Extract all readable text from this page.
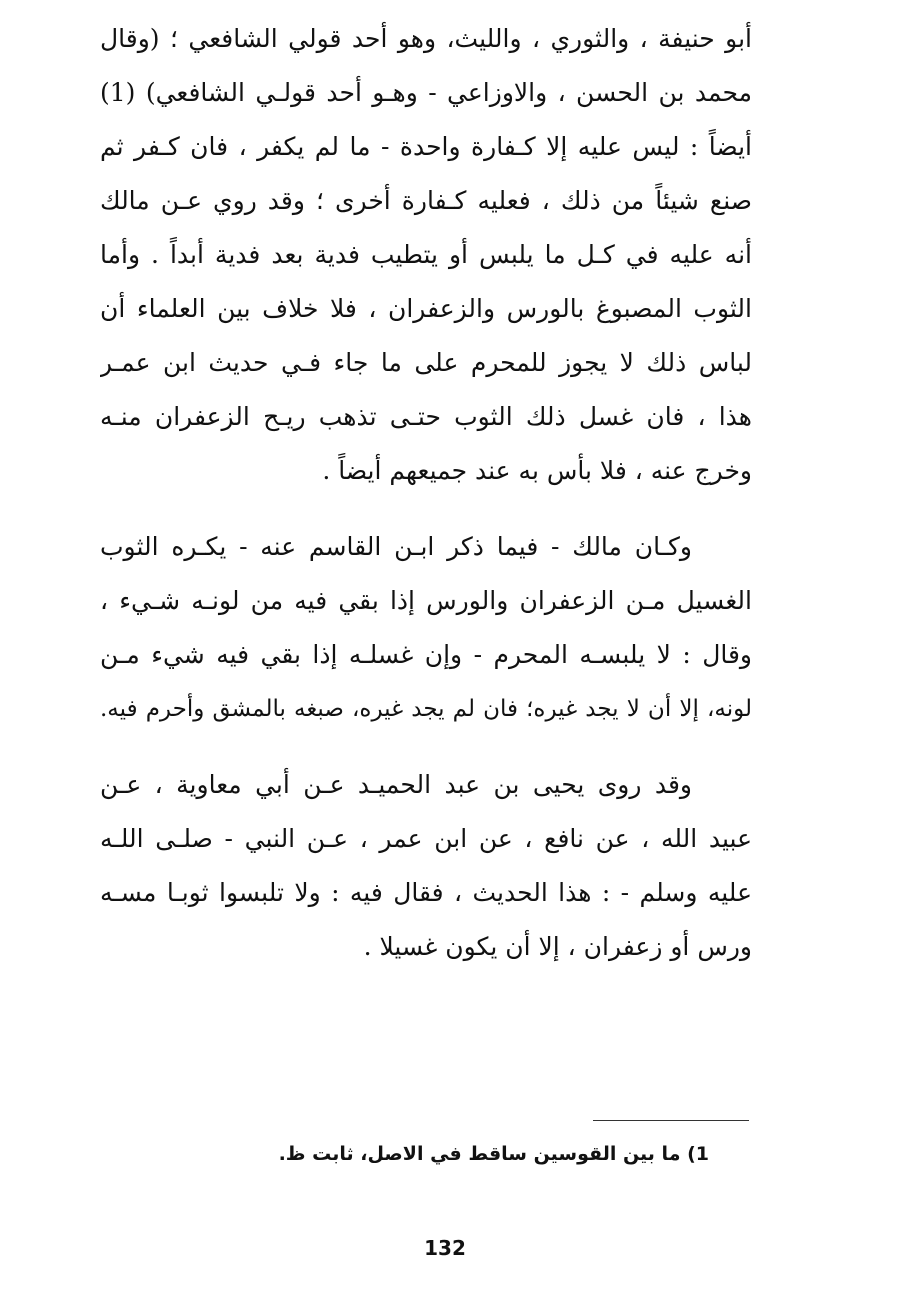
أبو حنيفة ، والثوري ، والليث، وهو أحد قولي الشافعي ؛ (وقال
محمد بن الحسن ، والاوزاعي - وهـو أحد قولـي الشافعي) (1)
أيضاً : ليس عليه إلا كـفارة واحدة - ما لم يكفر ، فان كـفر ثم
صنع شيئاً من ذلك ، فعليه كـفارة أخرى ؛ وقد روي عـن مالك
أنه عليه في كـل ما يلبس أو يتطيب فدية بعد فدية أبداً . وأما
الثوب المصبوغ بالورس والزعفران ، فلا خلاف بين العلماء أن
لباس ذلك لا يجوز للمحرم على ما جاء فـي حديث ابن عمـر
هذا ، فان غسل ذلك الثوب حتـى تذهب ريـح الزعفران منـه
وخرج عنه ، فلا بأس به عند جميعهم أيضاً .
وكـان مالك - فيما ذكر ابـن القاسم عنه - يكـره الثوب
الغسيل مـن الزعفران والورس إذا بقي فيه من لونـه شـيء ،
وقال : لا يلبسـه المحرم - وإن غسلـه إذا بقي فيه شيء مـن
لونه، إلا أن لا يجد غيره؛ فان لم يجد غيره، صبغه بالمشق وأحرم فيه.
وقد روى يحيى بن عبد الحميـد عـن أبي معاوية ، عـن
عبيد الله ، عن نافع ، عن ابن عمر ، عـن النبي - صلـى اللـه
عليه وسلم - : هذا الحديث ، فقال فيه : ولا تلبسوا ثوبـا مسـه
ورس أو زعفران ، إلا أن يكون غسيلا .
1) ما بين القوسين ساقط في الاصل، ثابت ظ.
132
